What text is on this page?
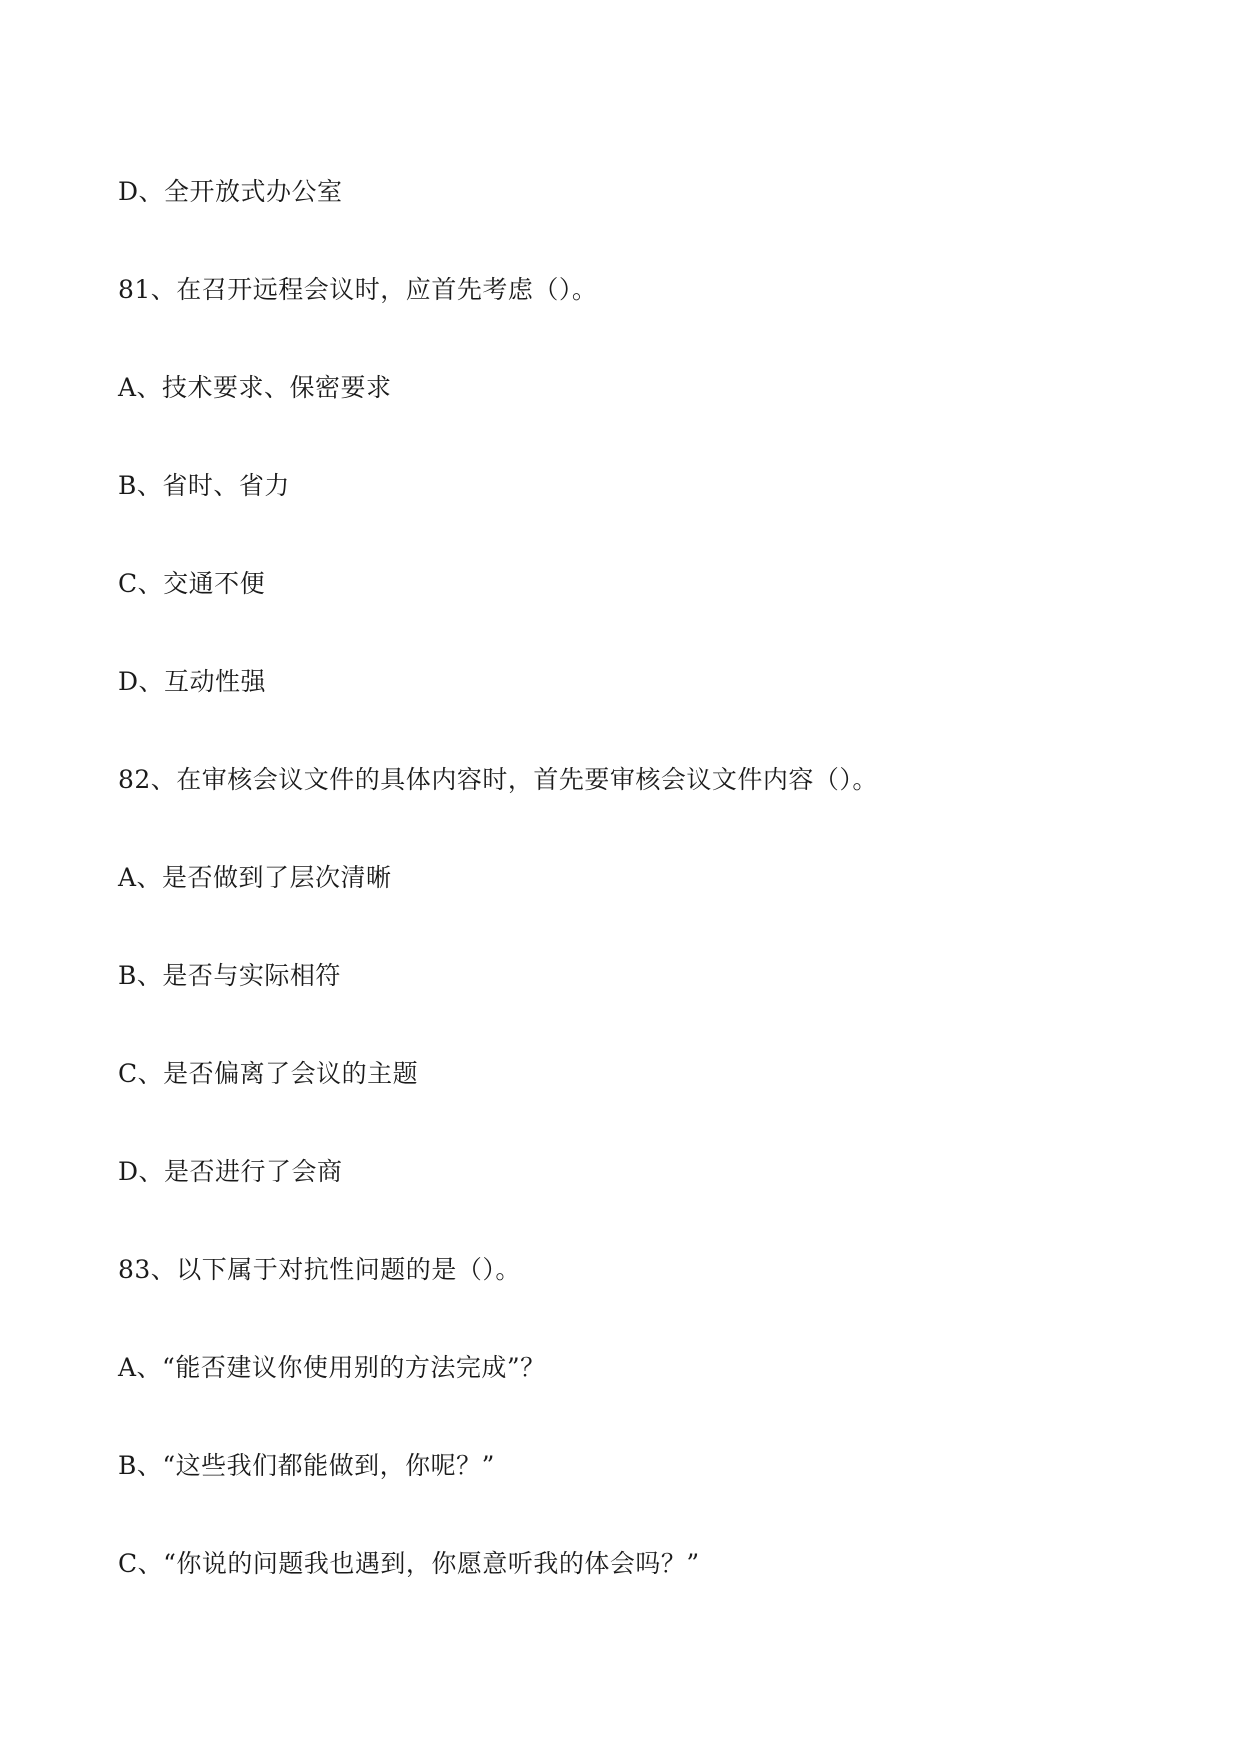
D、全开放式办公室
81、在召开远程会议时，应首先考虑（）。
A、技术要求、保密要求
B、省时、省力
C、交通不便
D、互动性强
82、在审核会议文件的具体内容时，首先要审核会议文件内容（）。
A、是否做到了层次清晰
B、是否与实际相符
C、是否偏离了会议的主题
D、是否进行了会商
83、以下属于对抗性问题的是（）。
A、“能否建议你使用别的方法完成”？
B、“这些我们都能做到，你呢？”
C、“你说的问题我也遇到，你愿意听我的体会吗？”
